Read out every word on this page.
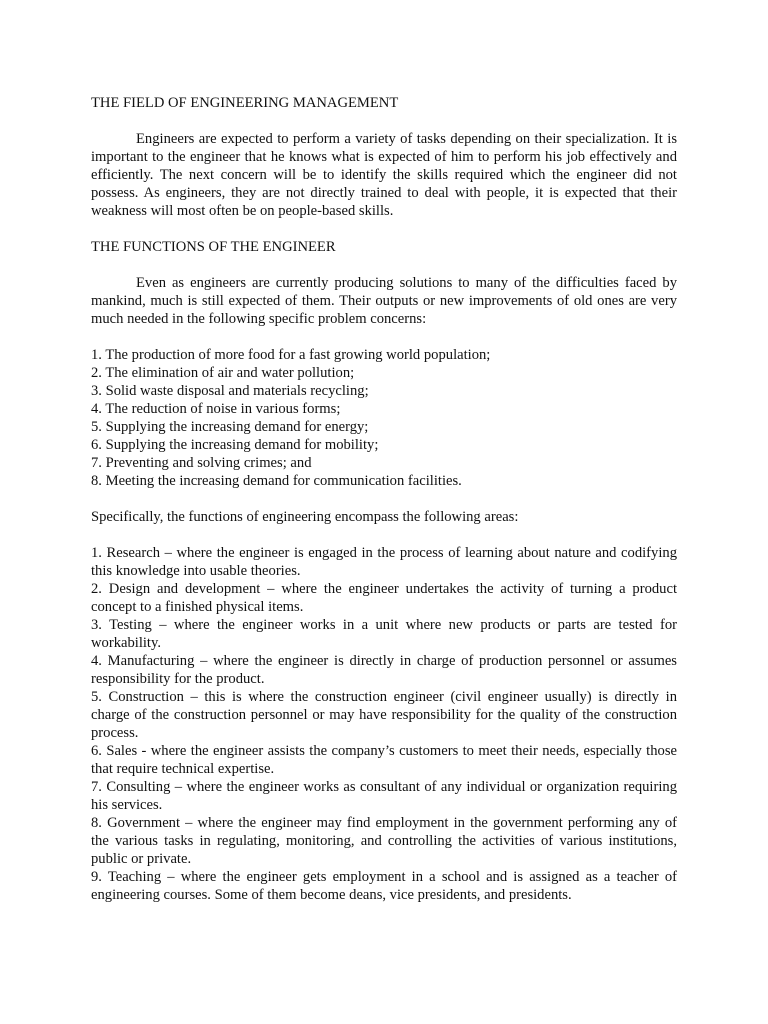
THE FIELD OF ENGINEERING MANAGEMENT

Engineers are expected to perform a variety of tasks depending on their specialization. It is important to the engineer that he knows what is expected of him to perform his job effectively and efficiently. The next concern will be to identify the skills required which the engineer did not possess. As engineers, they are not directly trained to deal with people, it is expected that their weakness will most often be on people-based skills.

THE FUNCTIONS OF THE ENGINEER

Even as engineers are currently producing solutions to many of the difficulties faced by mankind, much is still expected of them. Their outputs or new improvements of old ones are very much needed in the following specific problem concerns:

1. The production of more food for a fast growing world population;
2. The elimination of air and water pollution;
3. Solid waste disposal and materials recycling;
4. The reduction of noise in various forms;
5. Supplying the increasing demand for energy;
6. Supplying the increasing demand for mobility;
7. Preventing and solving crimes; and
8. Meeting the increasing demand for communication facilities.

Specifically, the functions of engineering encompass the following areas:

1. Research – where the engineer is engaged in the process of learning about nature and codifying this knowledge into usable theories.
2. Design and development – where the engineer undertakes the activity of turning a product concept to a finished physical items.
3. Testing – where the engineer works in a unit where new products or parts are tested for workability.
4. Manufacturing – where the engineer is directly in charge of production personnel or assumes responsibility for the product.
5. Construction – this is where the construction engineer (civil engineer usually) is directly in charge of the construction personnel or may have responsibility for the quality of the construction process.
6. Sales - where the engineer assists the company’s customers to meet their needs, especially those that require technical expertise.
7. Consulting – where the engineer works as consultant of any individual or organization requiring his services.
8. Government – where the engineer may find employment in the government performing any of the various tasks in regulating, monitoring, and controlling the activities of various institutions, public or private.
9. Teaching – where the engineer gets employment in a school and is assigned as a teacher of engineering courses. Some of them become deans, vice presidents, and presidents.
